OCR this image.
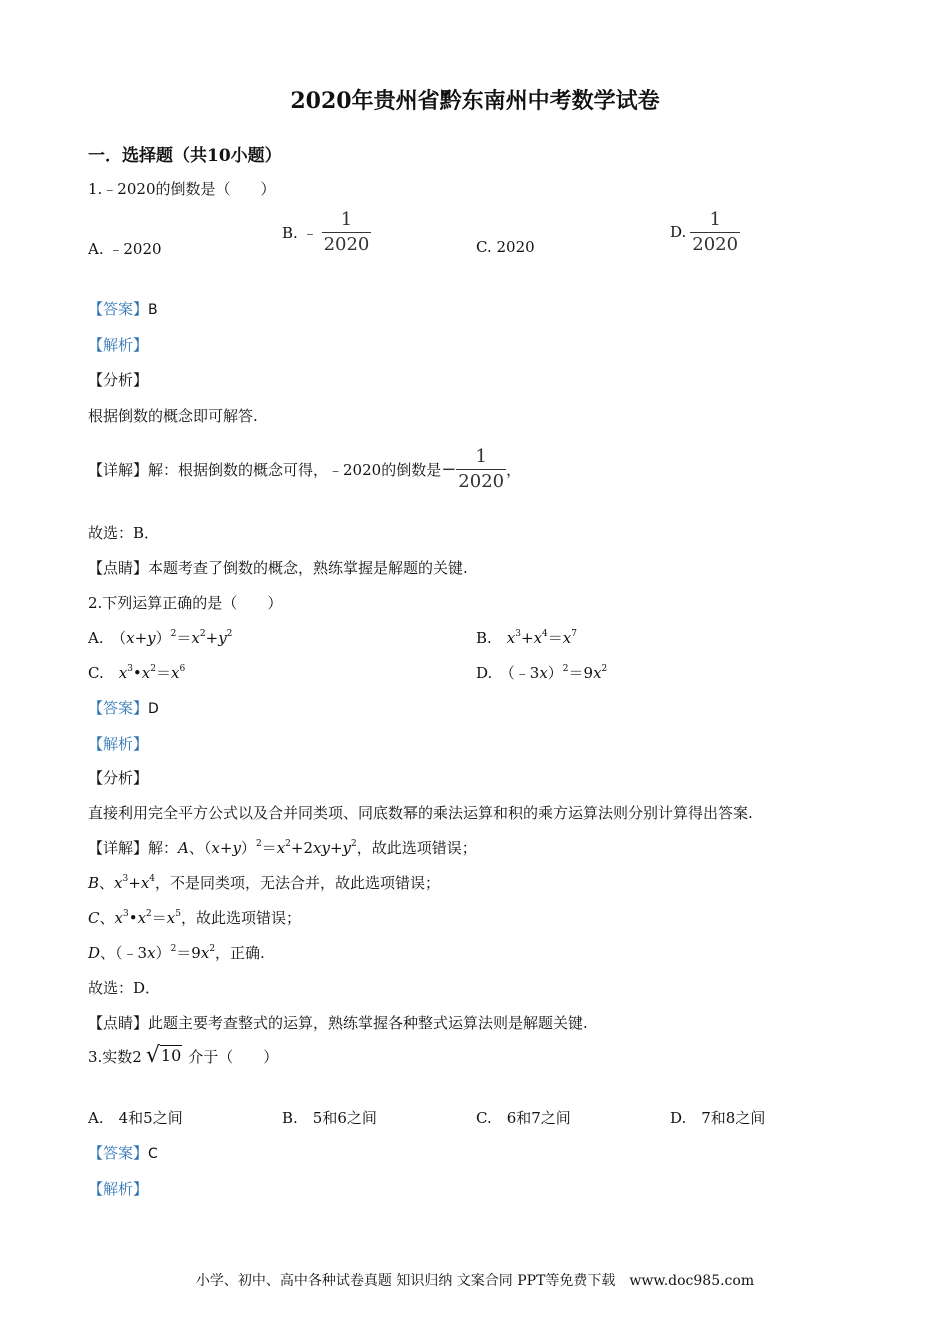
2020年贵州省黔东南州中考数学试卷
一．选择题（共10小题）
1.﹣2020的倒数是（　　）
A. ﹣2020
B. ﹣ $\frac{1}{2020}$	C. 2020
D. $\frac{1}{2020}$
【答案】B
【解析】
【分析】
根据倒数的概念即可解答.
【详解】 解：根据倒数的概念可得，﹣2020的倒数是 − $\frac{1}{2020}$ ，
故选：B．
【点睛】本题考查了倒数的概念，熟练掌握是解题的关键.
2.下列运算正确的是（　　）
A.　$(x+y)^2=x^2+y^2$	B.　$x^3+x^4=x^7$
C.　$x^3•x^2=x^6$	D.　$(﹣3x)^2=9x^2$
【答案】D
【解析】
【分析】
直接利用完全平方公式以及合并同类项、同底数幂的乘法运算和积的乘方运算法则分别计算得出答案.
【详解】解：A、$(x+y)^2=x^2+2xy+y^2$，故此选项错误；
B、$x^3+x^4$，不是同类项，无法合并，故此选项错误；
C、$x^3•x^2=x^5$，故此选项错误；
D、$(﹣3x)^2=9x^2$，正确.
故选：D．
【点睛】此题主要考查整式的运算，熟练掌握各种整式运算法则是解题关键.
3.实数2 √ 10 介于（　　）
A.　4和5之间	B.　5和6之间	C.　6和7之间	D.　7和8之间
【答案】C
【解析】
小学、初中、高中各种试卷真题 知识归纳 文案合同 PPT等免费下载　www.doc985.com
